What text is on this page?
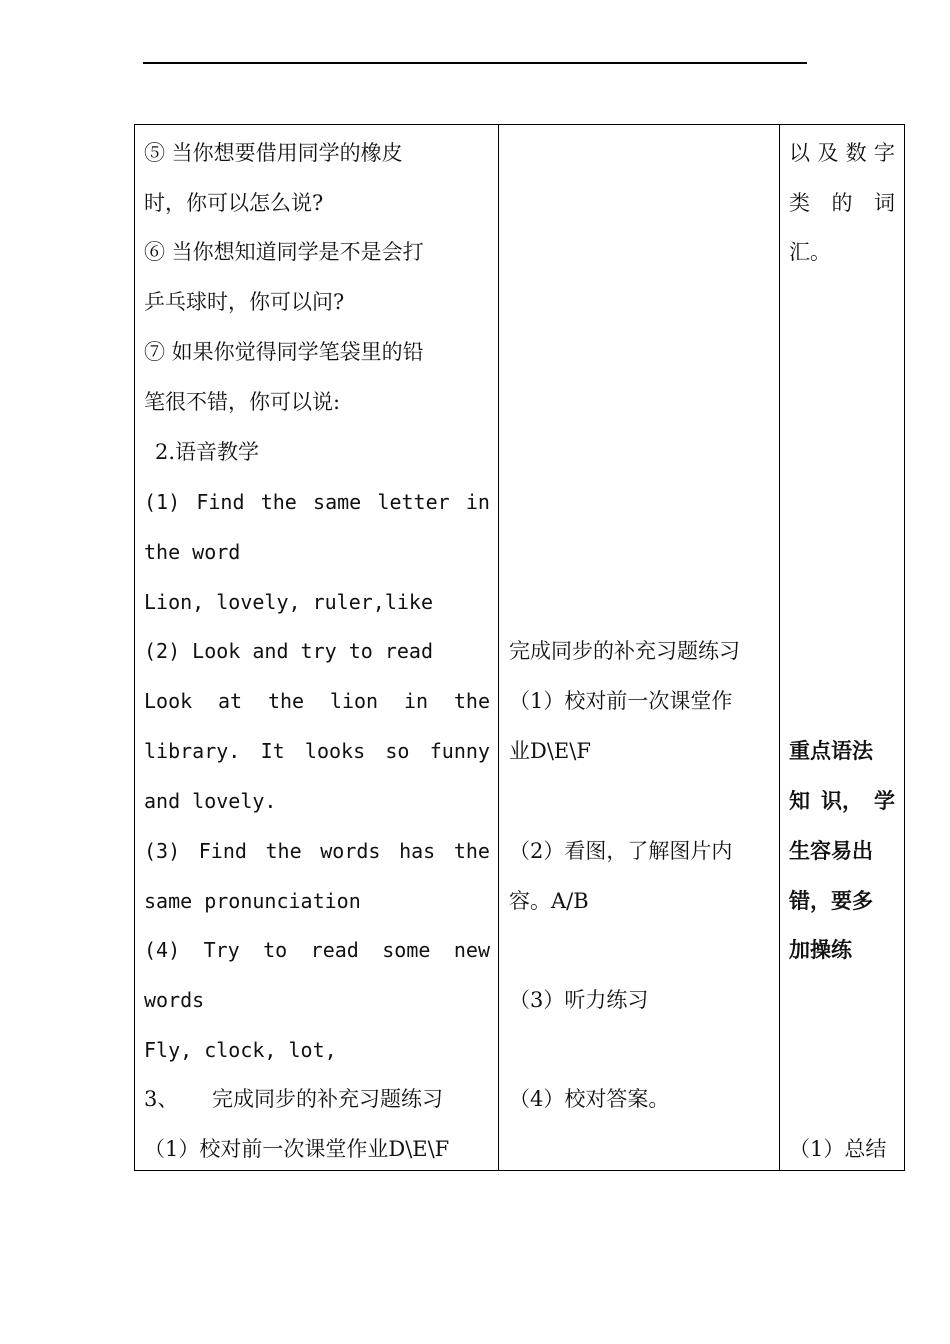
⑤ 当你想要借用同学的橡皮
时，你可以怎么说?
⑥ 当你想知道同学是不是会打
乒乓球时，你可以问?
⑦ 如果你觉得同学笔袋里的铅
笔很不错，你可以说:
2.语音教学
(1) Find the same letter in
the word
Lion, lovely, ruler,like
(2) Look and try to read
Look at the lion in the
library. It looks so funny
and lovely.
(3) Find the words has the
same pronunciation
(4) Try to read some new
words
Fly, clock, lot,
3、 完成同步的补充习题练习
（1）校对前一次课堂作业D\E\F
完成同步的补充习题练习
（1）校对前一次课堂作
业D\E\F
（2）看图，了解图片内
容。A/B
（3）听力练习
（4）校对答案。
以 及 数 字
类 的 词
汇。
重点语法
知 识， 学
生容易出
错，要多
加操练
（1）总结
